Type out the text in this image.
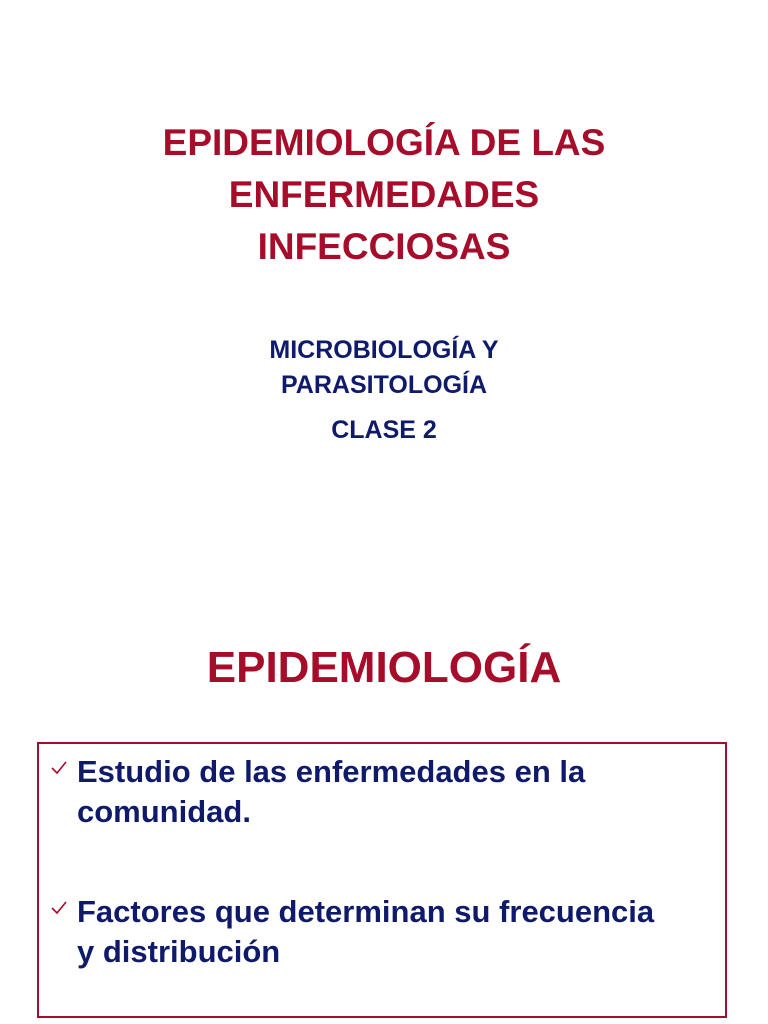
EPIDEMIOLOGÍA DE LAS
ENFERMEDADES
INFECCIOSAS
MICROBIOLOGÍA Y
PARASITOLOGÍA
CLASE 2
EPIDEMIOLOGÍA
Estudio de las enfermedades en la
comunidad.
Factores que determinan su frecuencia
y distribución
